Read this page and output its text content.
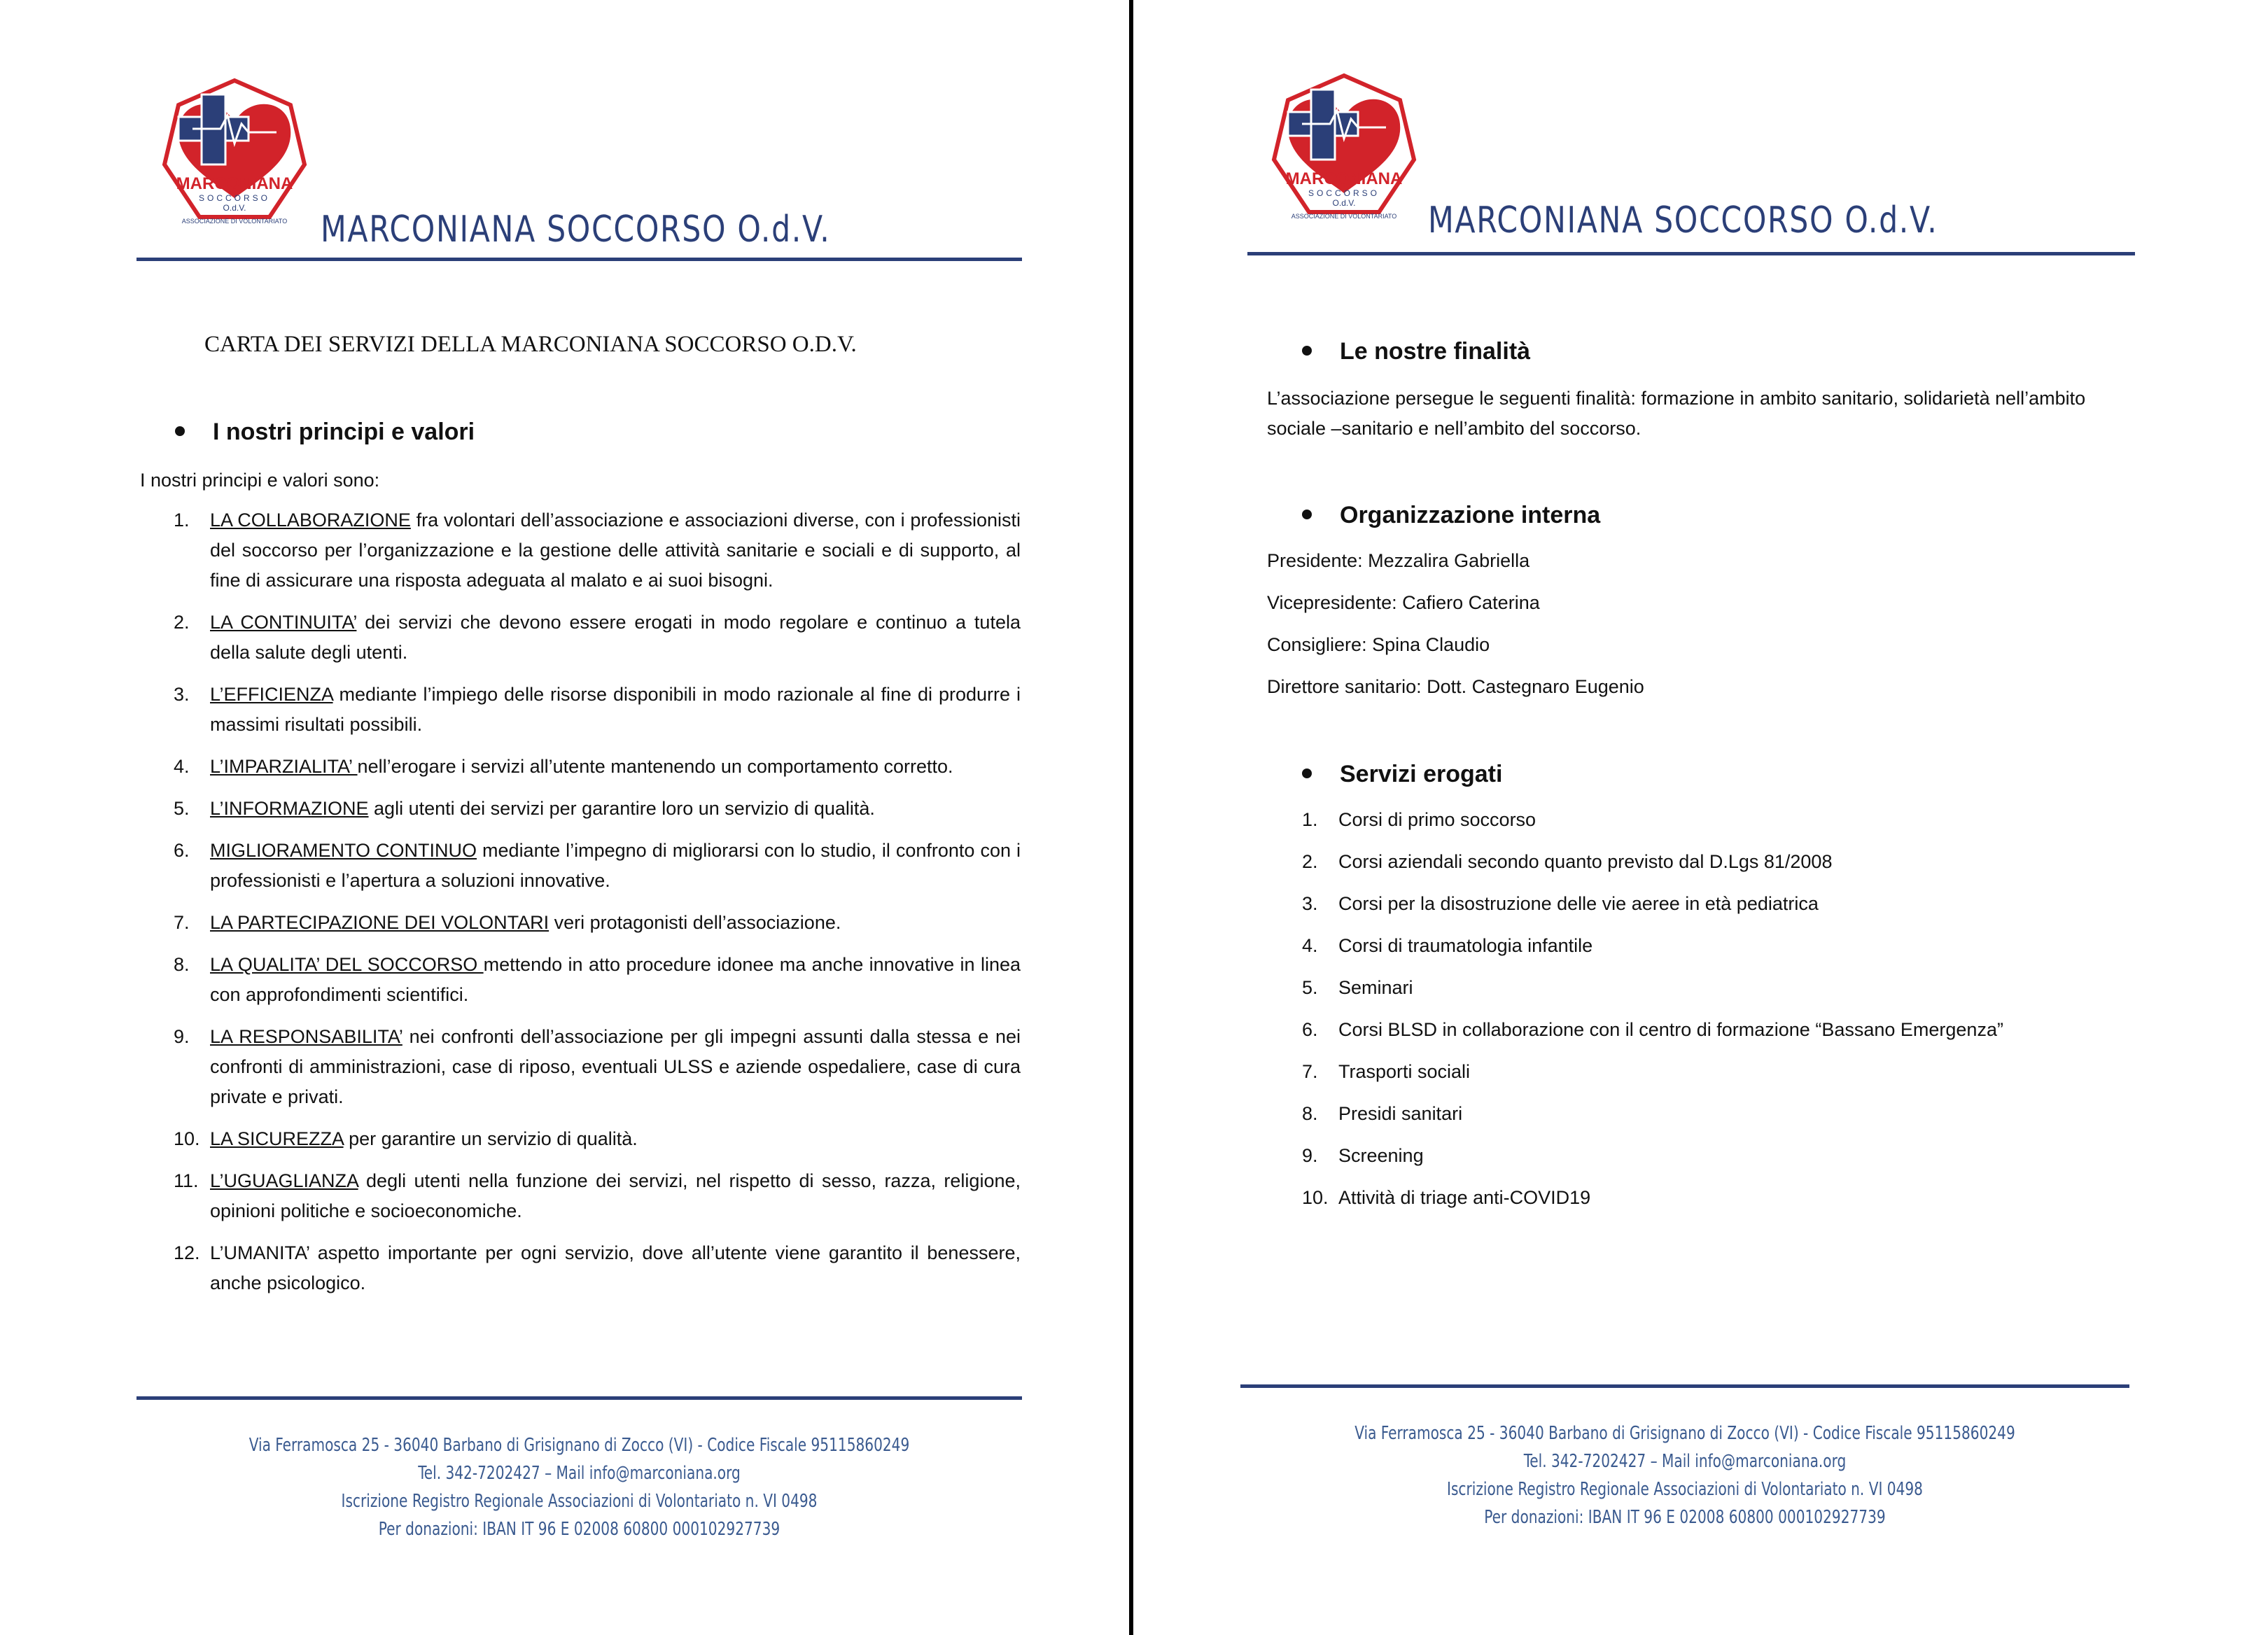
MARCONIANA
SOCCORSO
O.d.V.
ASSOCIAZIONE DI VOLONTARIATO MARCONIANA SOCCORSO O.d.V.
CARTA DEI SERVIZI DELLA MARCONIANA SOCCORSO O.D.V.
I nostri principi e valori
I nostri principi e valori sono:
1. LA COLLABORAZIONE fra volontari dell’associazione e associazioni diverse, con i professionisti del soccorso per l’organizzazione e la gestione delle attività sanitarie e sociali e di supporto, al fine di assicurare una risposta adeguata al malato e ai suoi bisogni.
2. LA CONTINUITA’ dei servizi che devono essere erogati in modo regolare e continuo a tutela della salute degli utenti.
3. L’EFFICIENZA mediante l’impiego delle risorse disponibili in modo razionale al fine di produrre i massimi risultati possibili.
4. L’IMPARZIALITA’ nell’erogare i servizi all’utente mantenendo un comportamento corretto.
5. L’INFORMAZIONE agli utenti dei servizi per garantire loro un servizio di qualità.
6. MIGLIORAMENTO CONTINUO mediante l’impegno di migliorarsi con lo studio, il confronto con i professionisti e l’apertura a soluzioni innovative.
7. LA PARTECIPAZIONE DEI VOLONTARI veri protagonisti dell’associazione.
8. LA QUALITA’ DEL SOCCORSO mettendo in atto procedure idonee ma anche innovative in linea con approfondimenti scientifici.
9. LA RESPONSABILITA’ nei confronti dell’associazione per gli impegni assunti dalla stessa e nei confronti di amministrazioni, case di riposo, eventuali ULSS e aziende ospedaliere, case di cura private e privati.
10. LA SICUREZZA per garantire un servizio di qualità.
11. L’UGUAGLIANZA degli utenti nella funzione dei servizi, nel rispetto di sesso, razza, religione, opinioni politiche e socioeconomiche.
12. L’UMANITA’ aspetto importante per ogni servizio, dove all’utente viene garantito il benessere, anche psicologico.
Via Ferramosca 25 - 36040 Barbano di Grisignano di Zocco (VI) - Codice Fiscale 95115860249
Tel. 342-7202427 – Mail info@marconiana.org
Iscrizione Registro Regionale Associazioni di Volontariato n. VI 0498
Per donazioni: IBAN IT 96 E 02008 60800 000102927739
MARCONIANA
SOCCORSO
O.d.V.
ASSOCIAZIONE DI VOLONTARIATO MARCONIANA SOCCORSO O.d.V.
Le nostre finalità
L’associazione persegue le seguenti finalità: formazione in ambito sanitario, solidarietà nell’ambito sociale –sanitario e nell’ambito del soccorso.
Organizzazione interna
Presidente: Mezzalira Gabriella
Vicepresidente: Cafiero Caterina
Consigliere: Spina Claudio
Direttore sanitario: Dott. Castegnaro Eugenio
Servizi erogati
1. Corsi di primo soccorso
2. Corsi aziendali secondo quanto previsto dal D.Lgs 81/2008
3. Corsi per la disostruzione delle vie aeree in età pediatrica
4. Corsi di traumatologia infantile
5. Seminari
6. Corsi BLSD in collaborazione con il centro di formazione “Bassano Emergenza”
7. Trasporti sociali
8. Presidi sanitari
9. Screening
10. Attività di triage anti-COVID19
Via Ferramosca 25 - 36040 Barbano di Grisignano di Zocco (VI) - Codice Fiscale 95115860249
Tel. 342-7202427 – Mail info@marconiana.org
Iscrizione Registro Regionale Associazioni di Volontariato n. VI 0498
Per donazioni: IBAN IT 96 E 02008 60800 000102927739
